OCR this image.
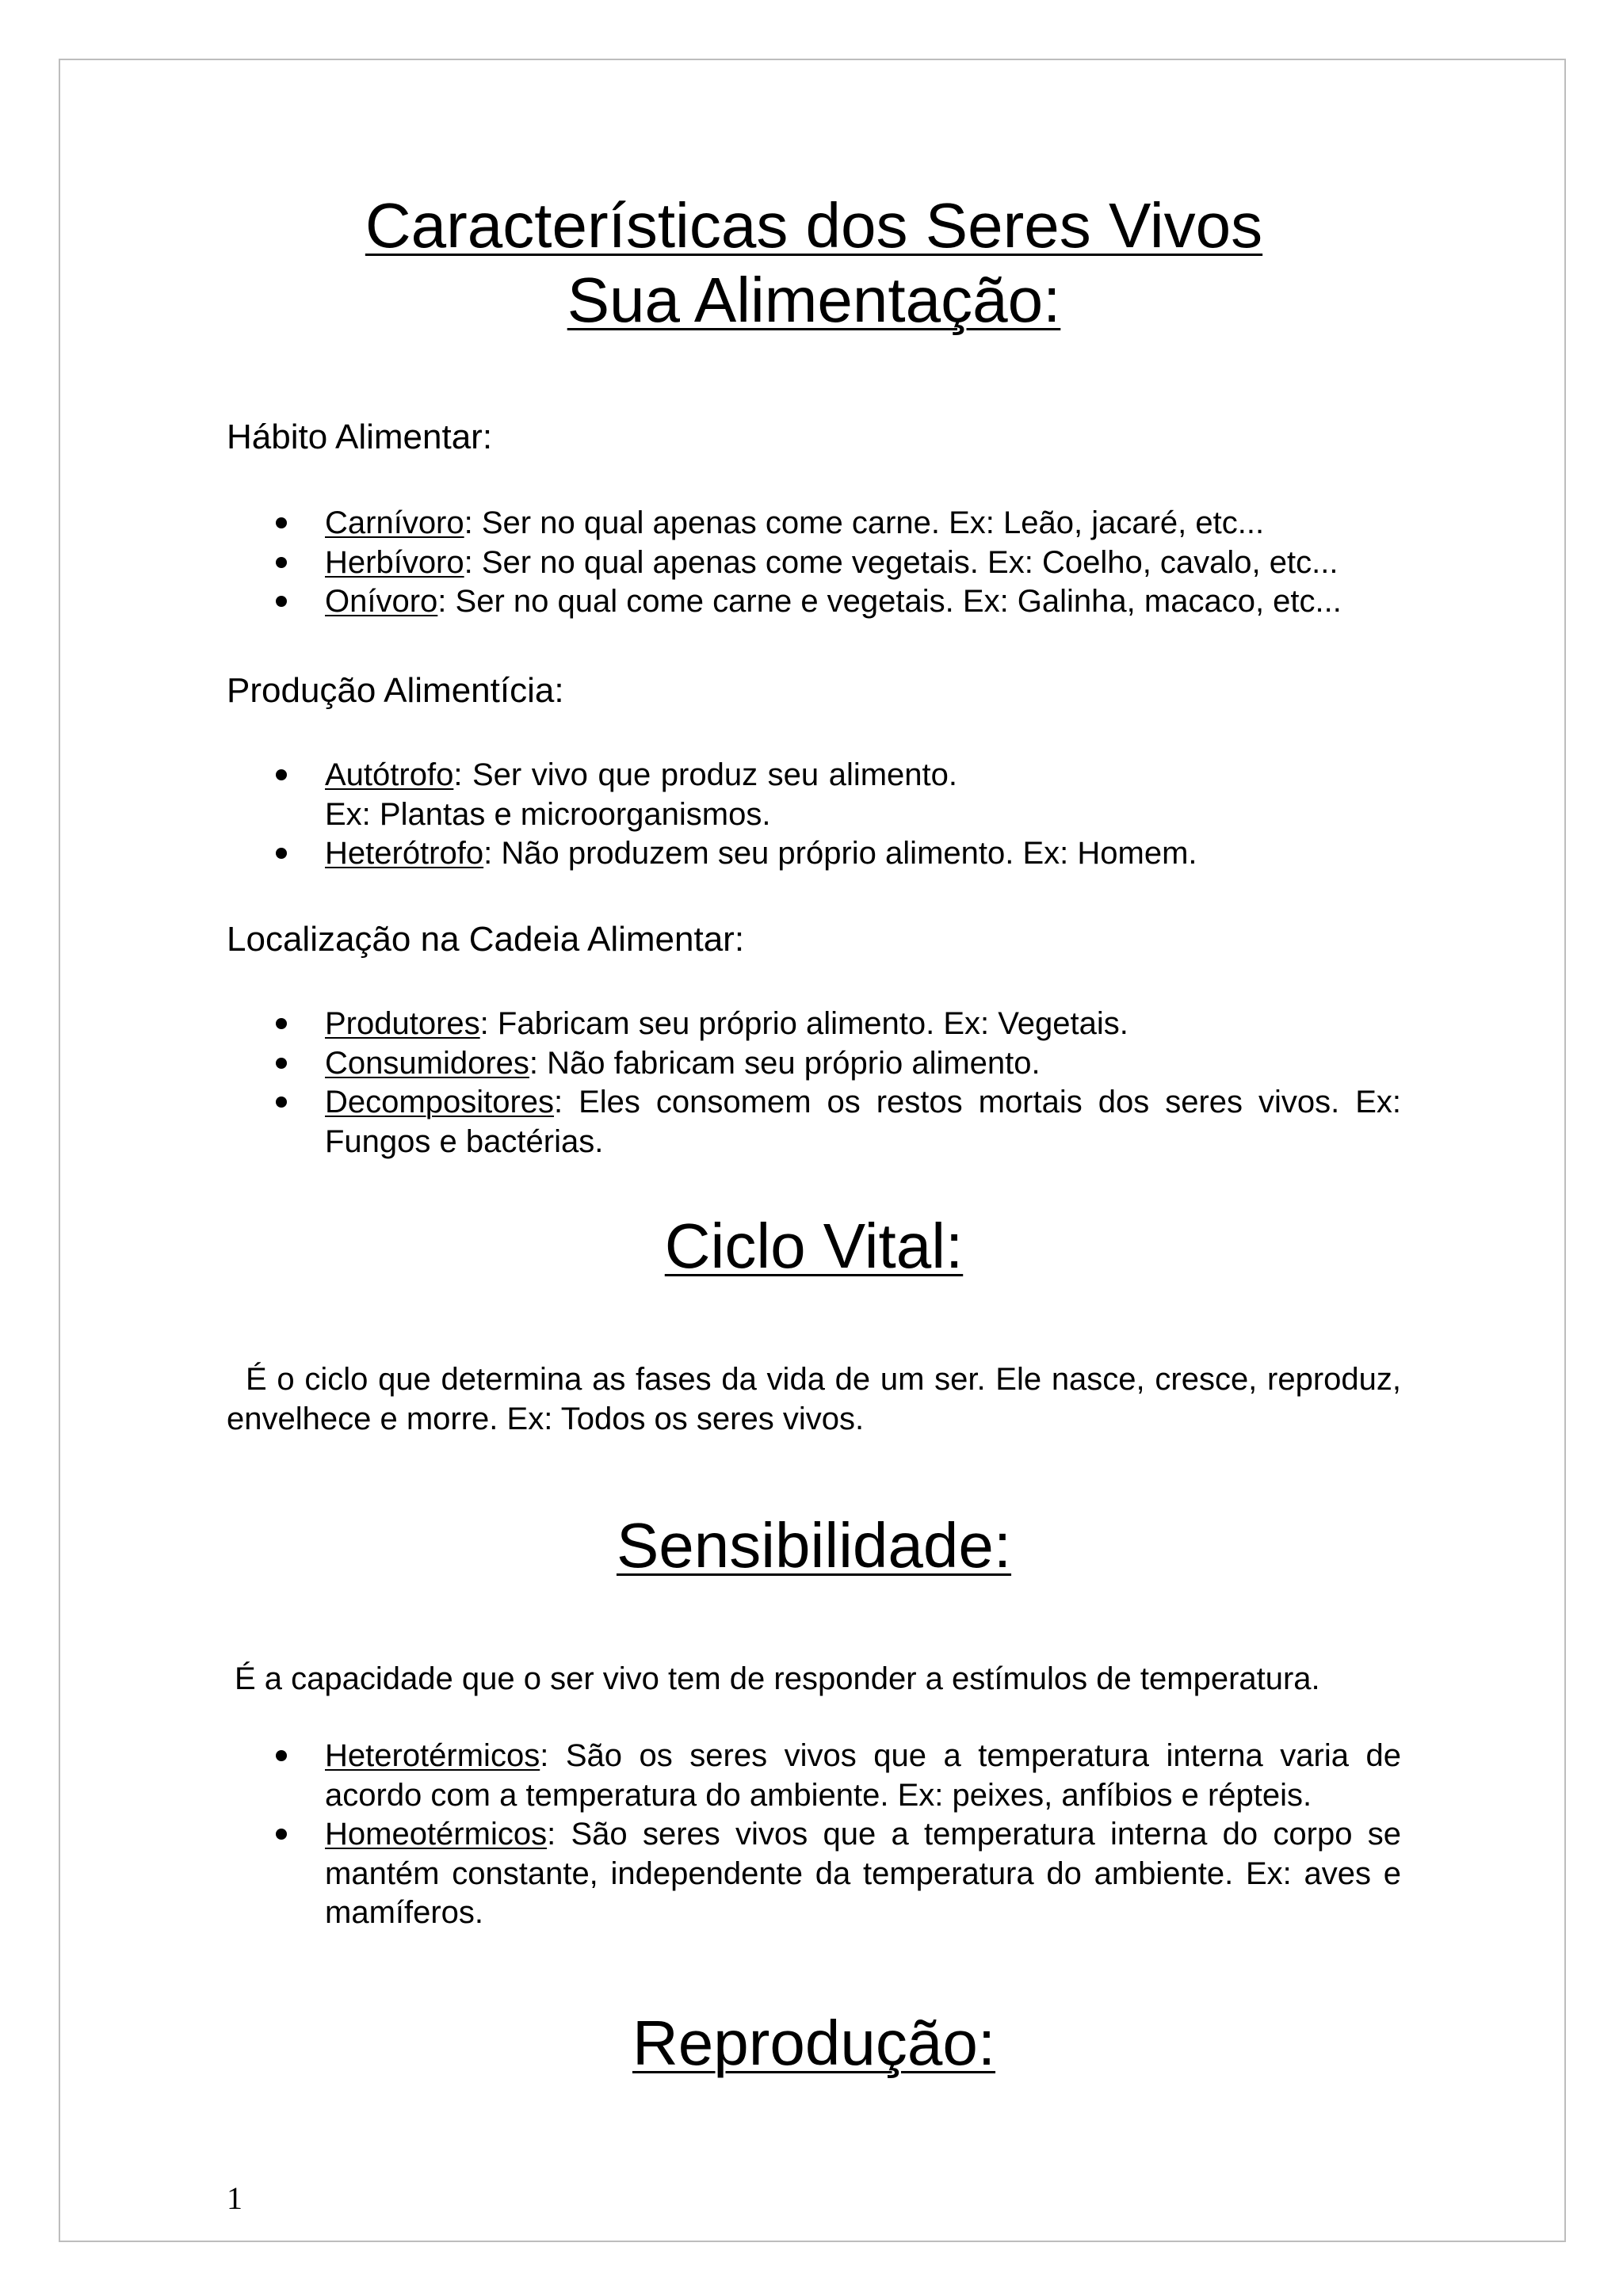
Características dos Seres Vivos
Sua Alimentação:
Hábito Alimentar:
Carnívoro: Ser no qual apenas come carne. Ex: Leão, jacaré, etc...
Herbívoro: Ser no qual apenas come vegetais. Ex: Coelho, cavalo, etc...
Onívoro: Ser no qual come carne e vegetais. Ex: Galinha, macaco, etc...
Produção Alimentícia:
Autótrofo: Ser vivo que produz seu alimento. Ex: Plantas e microorganismos.
Heterótrofo: Não produzem seu próprio alimento. Ex: Homem.
Localização na Cadeia Alimentar:
Produtores: Fabricam seu próprio alimento. Ex: Vegetais.
Consumidores: Não fabricam seu próprio alimento.
Decompositores: Eles consomem os restos mortais dos seres vivos. Ex: Fungos e bactérias.
Ciclo Vital:
É o ciclo que determina as fases da vida de um ser. Ele nasce, cresce, reproduz, envelhece e morre. Ex: Todos os seres vivos.
Sensibilidade:
É a capacidade que o ser vivo tem de responder a estímulos de temperatura.
Heterotérmicos: São os seres vivos que a temperatura interna varia de acordo com a temperatura do ambiente. Ex: peixes, anfíbios e répteis.
Homeotérmicos: São seres vivos que a temperatura interna do corpo se mantém constante, independente da temperatura do ambiente. Ex: aves e mamíferos.
Reprodução:
1
